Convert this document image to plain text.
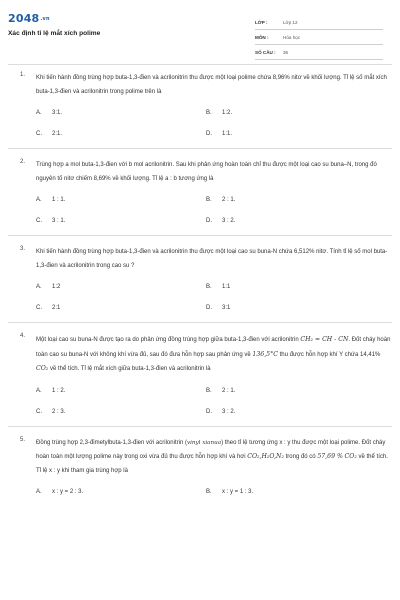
2048.vn
Xác định tỉ lệ mắt xích polime
LỚP :	Lớp 12
MÔN :	Hóa học
SỐ CÂU :	36
1. Khi tiến hành đồng trùng hợp buta-1,3-đien và acrilonitrin thu được một loại polime chứa 8,96% nitơ về khối lượng. Tỉ lệ số mắt xích buta-1,3-đien và acrilonitrin trong polime trên là
A.	3:1.	B.	1:2.
C.	2:1.	D.	1:1.
2. Trùng hợp a mol buta-1,3-đien với b mol acrilonitrin. Sau khi phản ứng hoàn toàn chỉ thu được một loại cao su buna–N, trong đó nguyên tố nitơ chiếm 8,69% về khối lượng. Tỉ lệ a : b tương ứng là
A.	1 : 1.	B.	2 : 1.
C.	3 : 1.	D.	3 : 2.
3. Khi tiến hành đồng trùng hợp buta-1,3-đien và acrilonitrin thu được một loại cao su buna-N chứa 6,512% nitơ. Tính tỉ lệ số mol buta-1,3-đien và acrilonitrin trong cao su ?
A.	1:2	B.	1:1
C.	2:1	D.	3:1
4.
Một loại cao su buna-N được tạo ra do phản ứng đồng trùng hợp giữa buta-1,3-đien với acrilonitrin CH₂ = CH - CN. Đốt cháy hoàn toàn cao su buna-N với không khí vừa đủ, sau đó đưa hỗn hợp sau phản ứng về 136,5°C thu được hỗn hợp khí Y chứa 14,41% CO₂ về thể tích. Tỉ lệ mắt xích giữa buta-1,3-đien và acrilonitrin là
A.	1 : 2.	B.	2 : 1.
C.	2 : 3.	D.	3 : 2.
5. Đồng trùng hợp 2,3-đimetylbuta-1,3-đien với acrilonitrin (vinyl xianua) theo tỉ lệ tương ứng x : y thu được một loại polime. Đốt cháy hoàn toàn một lượng polime này trong oxi vừa đủ thu được hỗn hợp khí và hơi CO₂,H₂O,N₂ trong đó có 57,69 % CO₂ về thể tích. Tỉ lệ x : y khi tham gia trùng hợp là
A.	x : y = 2 : 3.	B.	x : y = 1 : 3.
